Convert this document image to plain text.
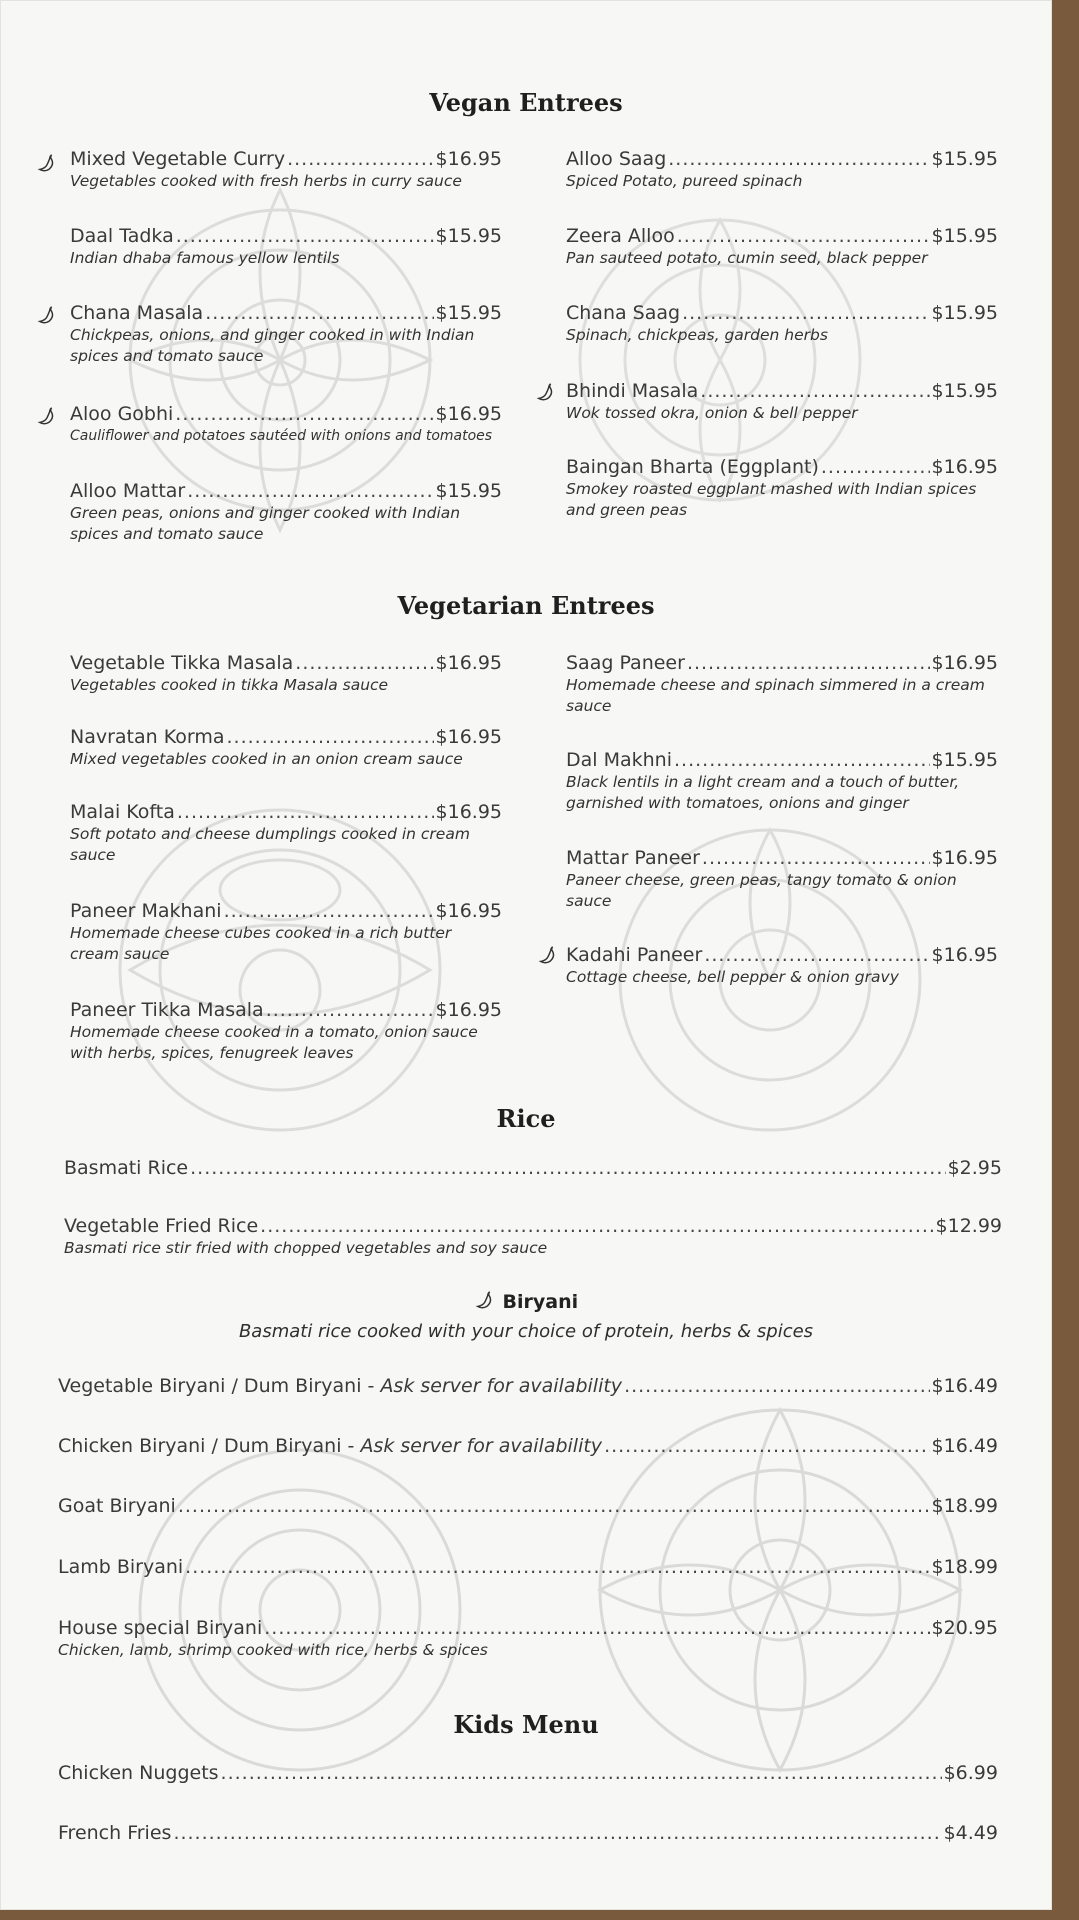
Vegan Entrees
Mixed Vegetable Curry .....	$16.95
Vegetables cooked with fresh herbs in curry sauce
Daal Tadka .....	$15.95
Indian dhaba famous yellow lentils
Chana Masala .....	$15.95
Chickpeas, onions, and ginger cooked in with Indian spices and tomato sauce
Aloo Gobhi .....	$16.95
Cauliflower and potatoes sautéed with onions and tomatoes
Alloo Mattar .....	$15.95
Green peas, onions and ginger cooked with Indian spices and tomato sauce
Alloo Saag .....	$15.95
Spiced Potato, pureed spinach
Zeera Alloo .....	$15.95
Pan sauteed potato, cumin seed, black pepper
Chana Saag .....	$15.95
Spinach, chickpeas, garden herbs
Bhindi Masala .....	$15.95
Wok tossed okra, onion & bell pepper
Baingan Bharta (Eggplant) .....	$16.95
Smokey roasted eggplant mashed with Indian spices and green peas
Vegetarian Entrees
Vegetable Tikka Masala .....	$16.95
Vegetables cooked in tikka Masala sauce
Navratan Korma .....	$16.95
Mixed vegetables cooked in an onion cream sauce
Malai Kofta .....	$16.95
Soft potato and cheese dumplings cooked in cream sauce
Paneer Makhani .....	$16.95
Homemade cheese cubes cooked in a rich butter cream sauce
Paneer Tikka Masala .....	$16.95
Homemade cheese cooked in a tomato, onion sauce with herbs, spices, fenugreek leaves
Saag Paneer .....	$16.95
Homemade cheese and spinach simmered in a cream sauce
Dal Makhni .....	$15.95
Black lentils in a light cream and a touch of butter, garnished with tomatoes, onions and ginger
Mattar Paneer .....	$16.95
Paneer cheese, green peas, tangy tomato & onion sauce
Kadahi Paneer .....	$16.95
Cottage cheese, bell pepper & onion gravy
Rice
Basmati Rice .....	$2.95
Vegetable Fried Rice .....	$12.99
Basmati rice stir fried with chopped vegetables and soy sauce
Biryani
Basmati rice cooked with your choice of protein, herbs & spices
Vegetable Biryani / Dum Biryani - Ask server for availability .....	$16.49
Chicken Biryani / Dum Biryani - Ask server for availability .....	$16.49
Goat Biryani .....	$18.99
Lamb Biryani .....	$18.99
House special Biryani .....	$20.95
Chicken, lamb, shrimp cooked with rice, herbs & spices
Kids Menu
Chicken Nuggets .....	$6.99
French Fries .....	$4.49
